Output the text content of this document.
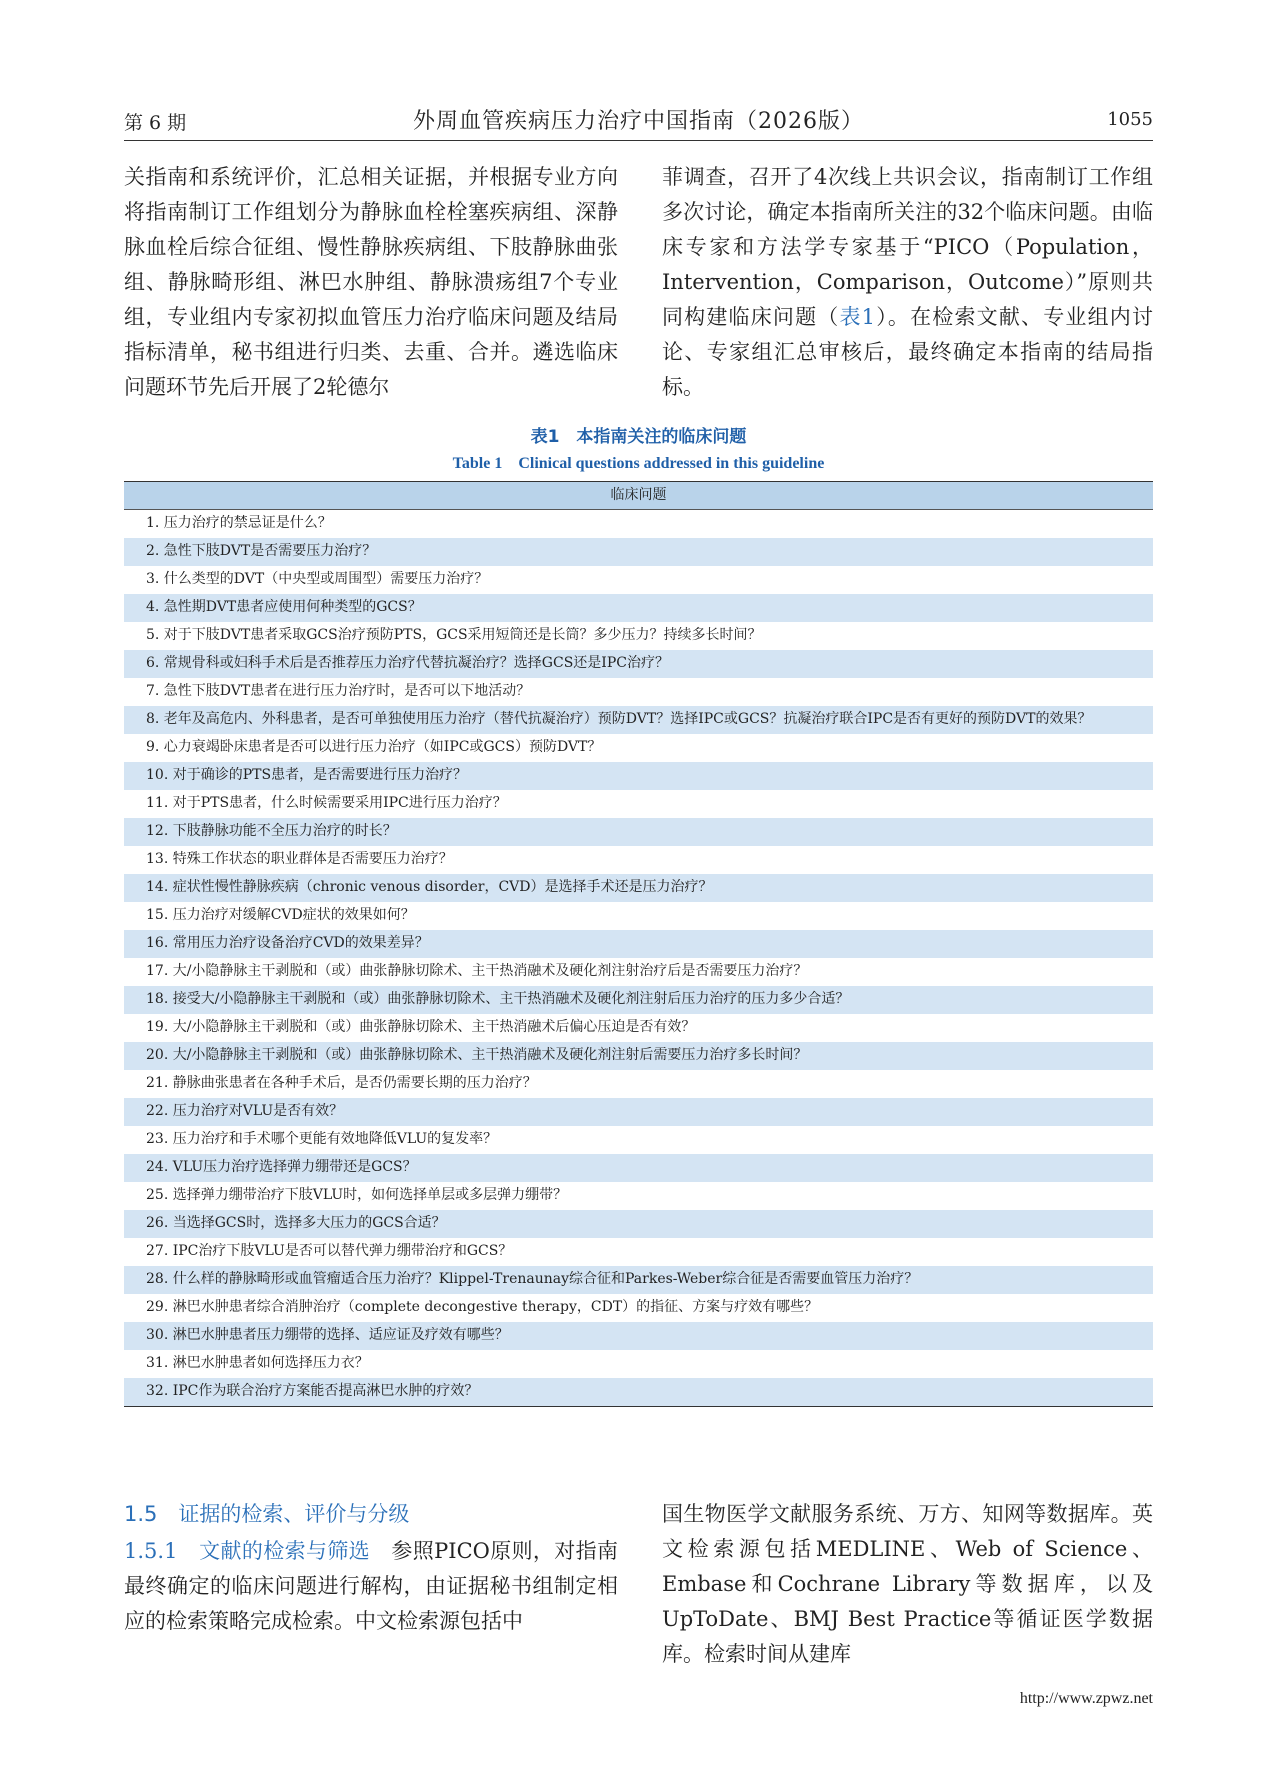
第 6 期	外周血管疾病压力治疗中国指南（2026版）	1055

关指南和系统评价，汇总相关证据，并根据专业方向将指南制订工作组划分为静脉血栓栓塞疾病组、深静脉血栓后综合征组、慢性静脉疾病组、下肢静脉曲张组、静脉畸形组、淋巴水肿组、静脉溃疡组7个专业组，专业组内专家初拟血管压力治疗临床问题及结局指标清单，秘书组进行归类、去重、合并。遴选临床问题环节先后开展了2轮德尔

菲调查，召开了4次线上共识会议，指南制订工作组多次讨论，确定本指南所关注的32个临床问题。由临床专家和方法学专家基于“PICO（Population，Intervention，Comparison，Outcome）”原则共同构建临床问题（表1）。在检索文献、专业组内讨论、专家组汇总审核后，最终确定本指南的结局指标。

表1　本指南关注的临床问题
Table 1　Clinical questions addressed in this guideline
临床问题
1. 压力治疗的禁忌证是什么？
2. 急性下肢DVT是否需要压力治疗？
3. 什么类型的DVT（中央型或周围型）需要压力治疗？
4. 急性期DVT患者应使用何种类型的GCS？
5. 对于下肢DVT患者采取GCS治疗预防PTS，GCS采用短筒还是长筒？多少压力？持续多长时间？
6. 常规骨科或妇科手术后是否推荐压力治疗代替抗凝治疗？选择GCS还是IPC治疗？
7. 急性下肢DVT患者在进行压力治疗时，是否可以下地活动？
8. 老年及高危内、外科患者，是否可单独使用压力治疗（替代抗凝治疗）预防DVT？选择IPC或GCS？抗凝治疗联合IPC是否有更好的预防DVT的效果？
9. 心力衰竭卧床患者是否可以进行压力治疗（如IPC或GCS）预防DVT？
10. 对于确诊的PTS患者，是否需要进行压力治疗？
11. 对于PTS患者，什么时候需要采用IPC进行压力治疗？
12. 下肢静脉功能不全压力治疗的时长？
13. 特殊工作状态的职业群体是否需要压力治疗？
14. 症状性慢性静脉疾病（chronic venous disorder，CVD）是选择手术还是压力治疗？
15. 压力治疗对缓解CVD症状的效果如何？
16. 常用压力治疗设备治疗CVD的效果差异？
17. 大/小隐静脉主干剥脱和（或）曲张静脉切除术、主干热消融术及硬化剂注射治疗后是否需要压力治疗？
18. 接受大/小隐静脉主干剥脱和（或）曲张静脉切除术、主干热消融术及硬化剂注射后压力治疗的压力多少合适？
19. 大/小隐静脉主干剥脱和（或）曲张静脉切除术、主干热消融术后偏心压迫是否有效？
20. 大/小隐静脉主干剥脱和（或）曲张静脉切除术、主干热消融术及硬化剂注射后需要压力治疗多长时间？
21. 静脉曲张患者在各种手术后，是否仍需要长期的压力治疗？
22. 压力治疗对VLU是否有效？
23. 压力治疗和手术哪个更能有效地降低VLU的复发率？
24. VLU压力治疗选择弹力绷带还是GCS？
25. 选择弹力绷带治疗下肢VLU时，如何选择单层或多层弹力绷带？
26. 当选择GCS时，选择多大压力的GCS合适？
27. IPC治疗下肢VLU是否可以替代弹力绷带治疗和GCS？
28. 什么样的静脉畸形或血管瘤适合压力治疗？Klippel-Trenaunay综合征和Parkes-Weber综合征是否需要血管压力治疗？
29. 淋巴水肿患者综合消肿治疗（complete decongestive therapy，CDT）的指征、方案与疗效有哪些？
30. 淋巴水肿患者压力绷带的选择、适应证及疗效有哪些？
31. 淋巴水肿患者如何选择压力衣？
32. IPC作为联合治疗方案能否提高淋巴水肿的疗效？

1.5　证据的检索、评价与分级

1.5.1　文献的检索与筛选　 参照PICO原则，对指南最终确定的临床问题进行解构，由证据秘书组制定相应的检索策略完成检索。中文检索源包括中

国生物医学文献服务系统、万方、知网等数据库。英文检索源包括MEDLINE、Web of Science、Embase和Cochrane Library等数据库，以及UpToDate、BMJ Best Practice等循证医学数据库。检索时间从建库

http://www.zpwz.net
